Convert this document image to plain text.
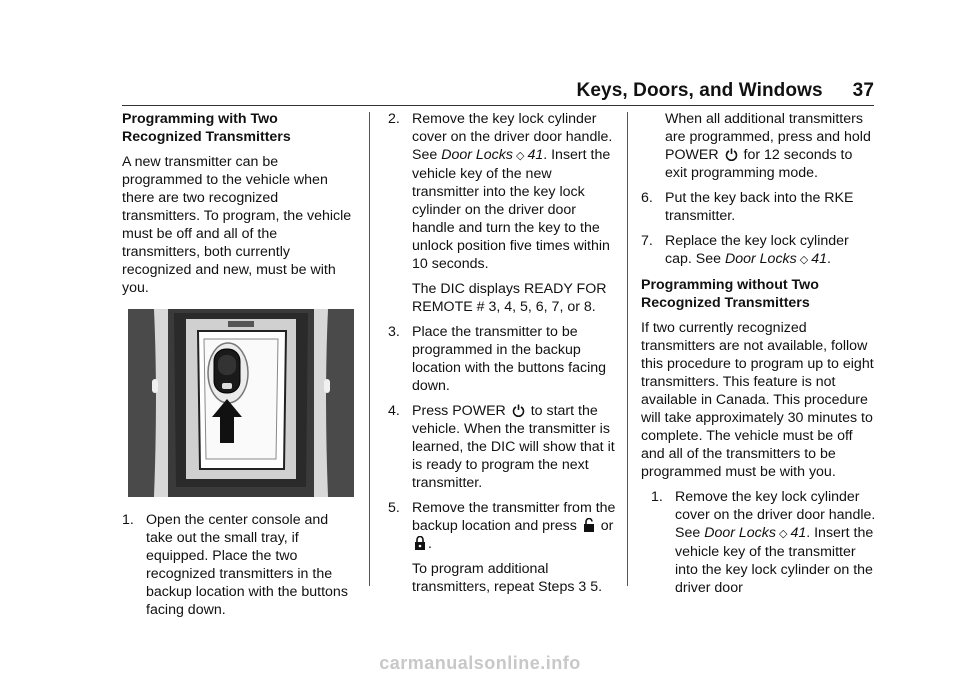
Keys, Doors, and Windows 37
Programming with Two Recognized Transmitters

A new transmitter can be programmed to the vehicle when there are two recognized transmitters. To program, the vehicle must be off and all of the transmitters, both currently recognized and new, must be with you.

1. Open the center console and take out the small tray, if equipped. Place the two recognized transmitters in the backup location with the buttons facing down.
2. Remove the key lock cylinder cover on the driver door handle. See Door Locks ◇ 41. Insert the vehicle key of the new transmitter into the key lock cylinder on the driver door handle and turn the key to the unlock position five times within 10 seconds.

The DIC displays READY FOR REMOTE # 3, 4, 5, 6, 7, or 8.

3. Place the transmitter to be programmed in the backup location with the buttons facing down.
4. Press POWER to start the vehicle. When the transmitter is learned, the DIC will show that it is ready to program the next transmitter.
5. Remove the transmitter from the backup location and press or .

To program additional transmitters, repeat Steps 3 5.

When all additional transmitters are programmed, press and hold POWER for 12 seconds to exit programming mode.

6. Put the key back into the RKE transmitter.
7. Replace the key lock cylinder cap. See Door Locks ◇ 41.
Programming without Two Recognized Transmitters

If two currently recognized transmitters are not available, follow this procedure to program up to eight transmitters. This feature is not available in Canada. This procedure will take approximately 30 minutes to complete. The vehicle must be off and all of the transmitters to be programmed must be with you.

1. Remove the key lock cylinder cover on the driver door handle. See Door Locks ◇ 41. Insert the vehicle key of the transmitter into the key lock cylinder on the driver door
carmanualsonline.info
